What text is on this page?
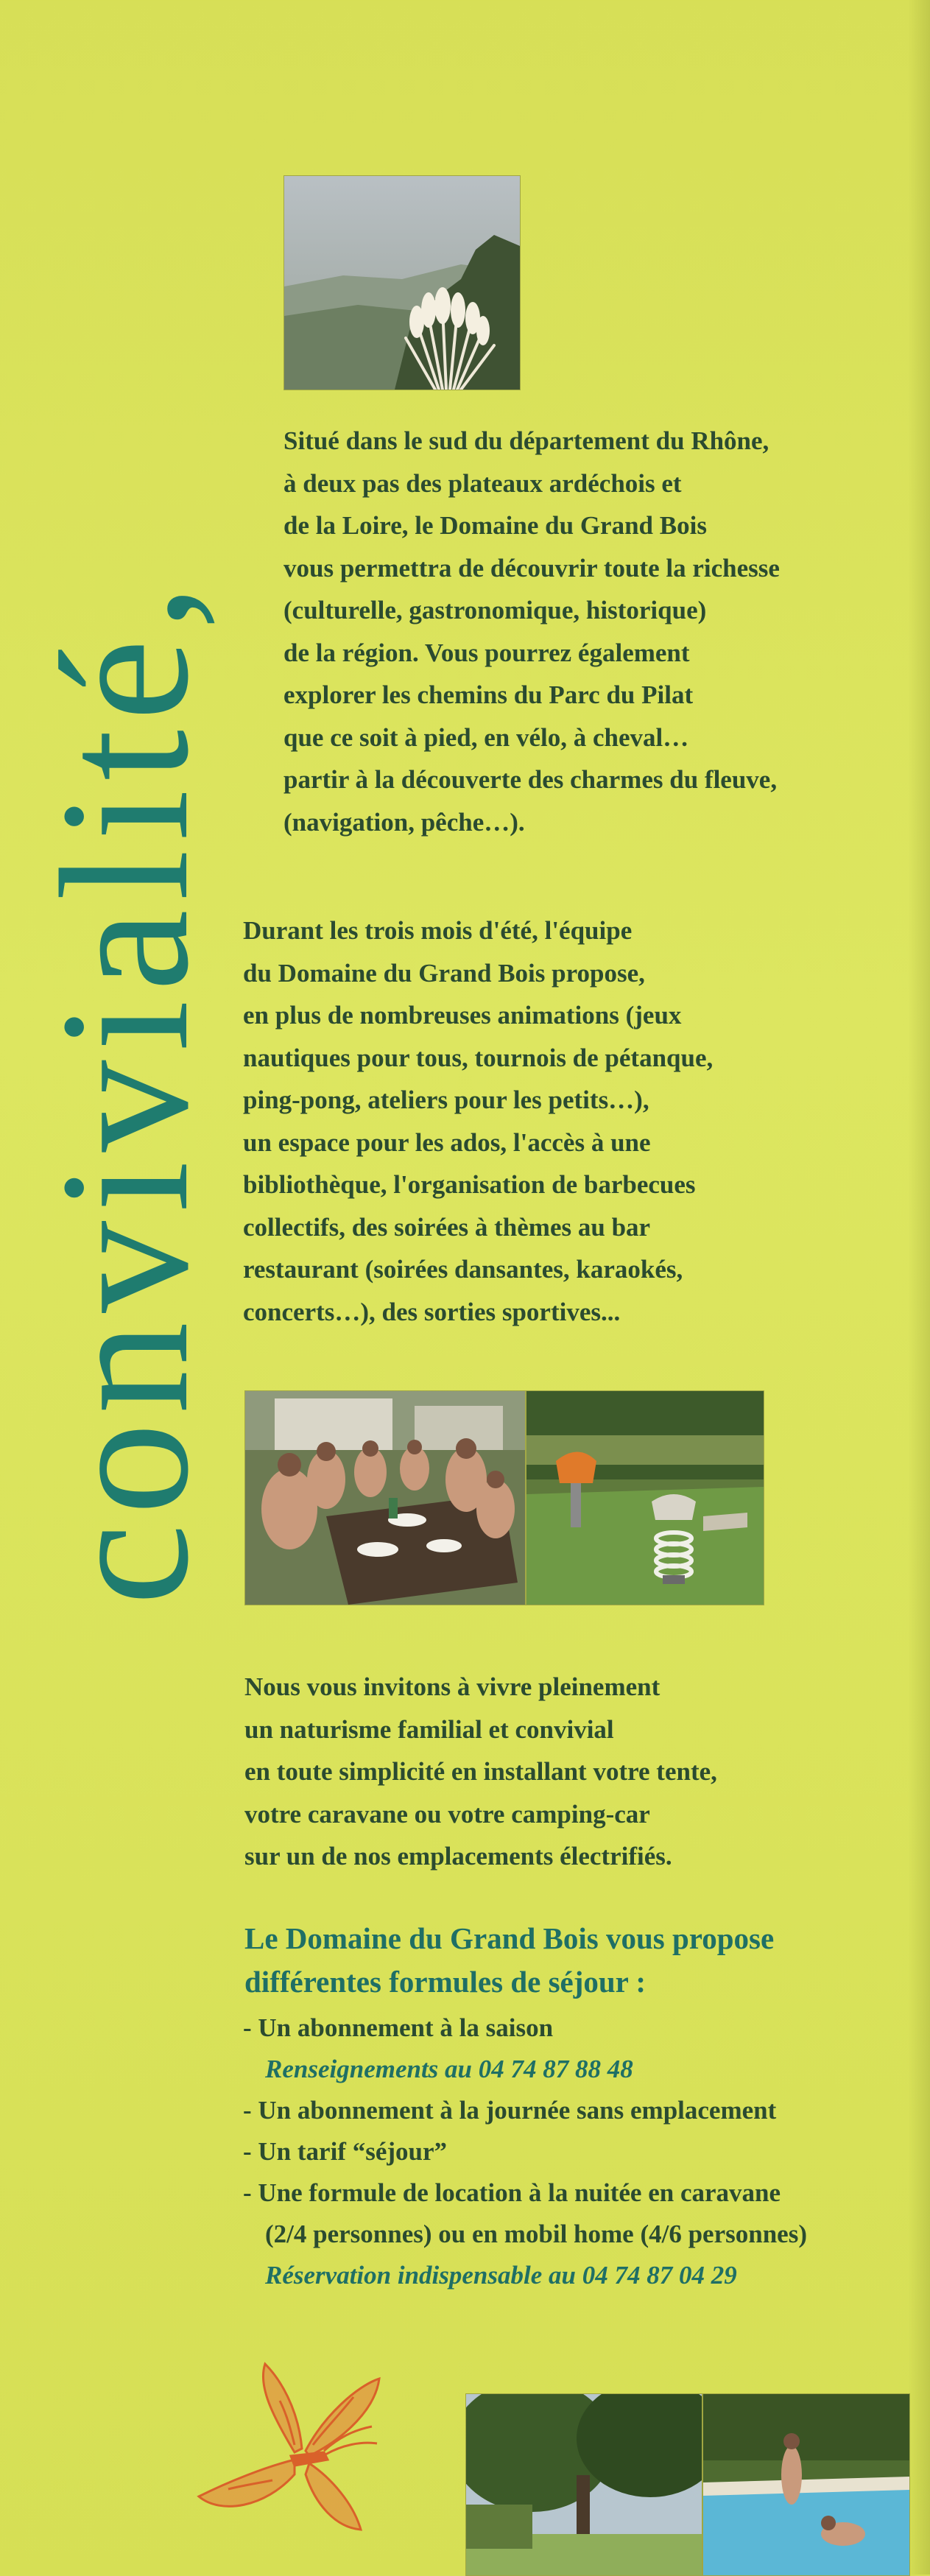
convivialité,
Situé dans le sud du département du Rhône,
à deux pas des plateaux ardéchois et
de la Loire, le Domaine du Grand Bois
vous permettra de découvrir toute la richesse
(culturelle, gastronomique, historique)
de la région. Vous pourrez également
explorer les chemins du Parc du Pilat
que ce soit à pied, en vélo, à cheval…
partir à la découverte des charmes du fleuve,
(navigation, pêche…).
Durant les trois mois d'été, l'équipe
du Domaine du Grand Bois propose,
en plus de nombreuses animations (jeux
nautiques pour tous, tournois de pétanque,
ping-pong, ateliers pour les petits…),
un espace pour les ados, l'accès à une
bibliothèque, l'organisation de barbecues
collectifs, des soirées à thèmes au bar
restaurant (soirées dansantes, karaokés,
concerts…), des sorties sportives...
Nous vous invitons à vivre pleinement
un naturisme familial et convivial
en toute simplicité en installant votre tente,
votre caravane ou votre camping-car
sur un de nos emplacements électrifiés.
Le Domaine du Grand Bois vous propose
différentes formules de séjour :
- Un abonnement à la saison
Renseignements au 04 74 87 88 48
- Un abonnement à la journée sans emplacement
- Un tarif “séjour”
- Une formule de location à la nuitée en caravane
(2/4 personnes) ou en mobil home (4/6 personnes)
Réservation indispensable au 04 74 87 04 29
